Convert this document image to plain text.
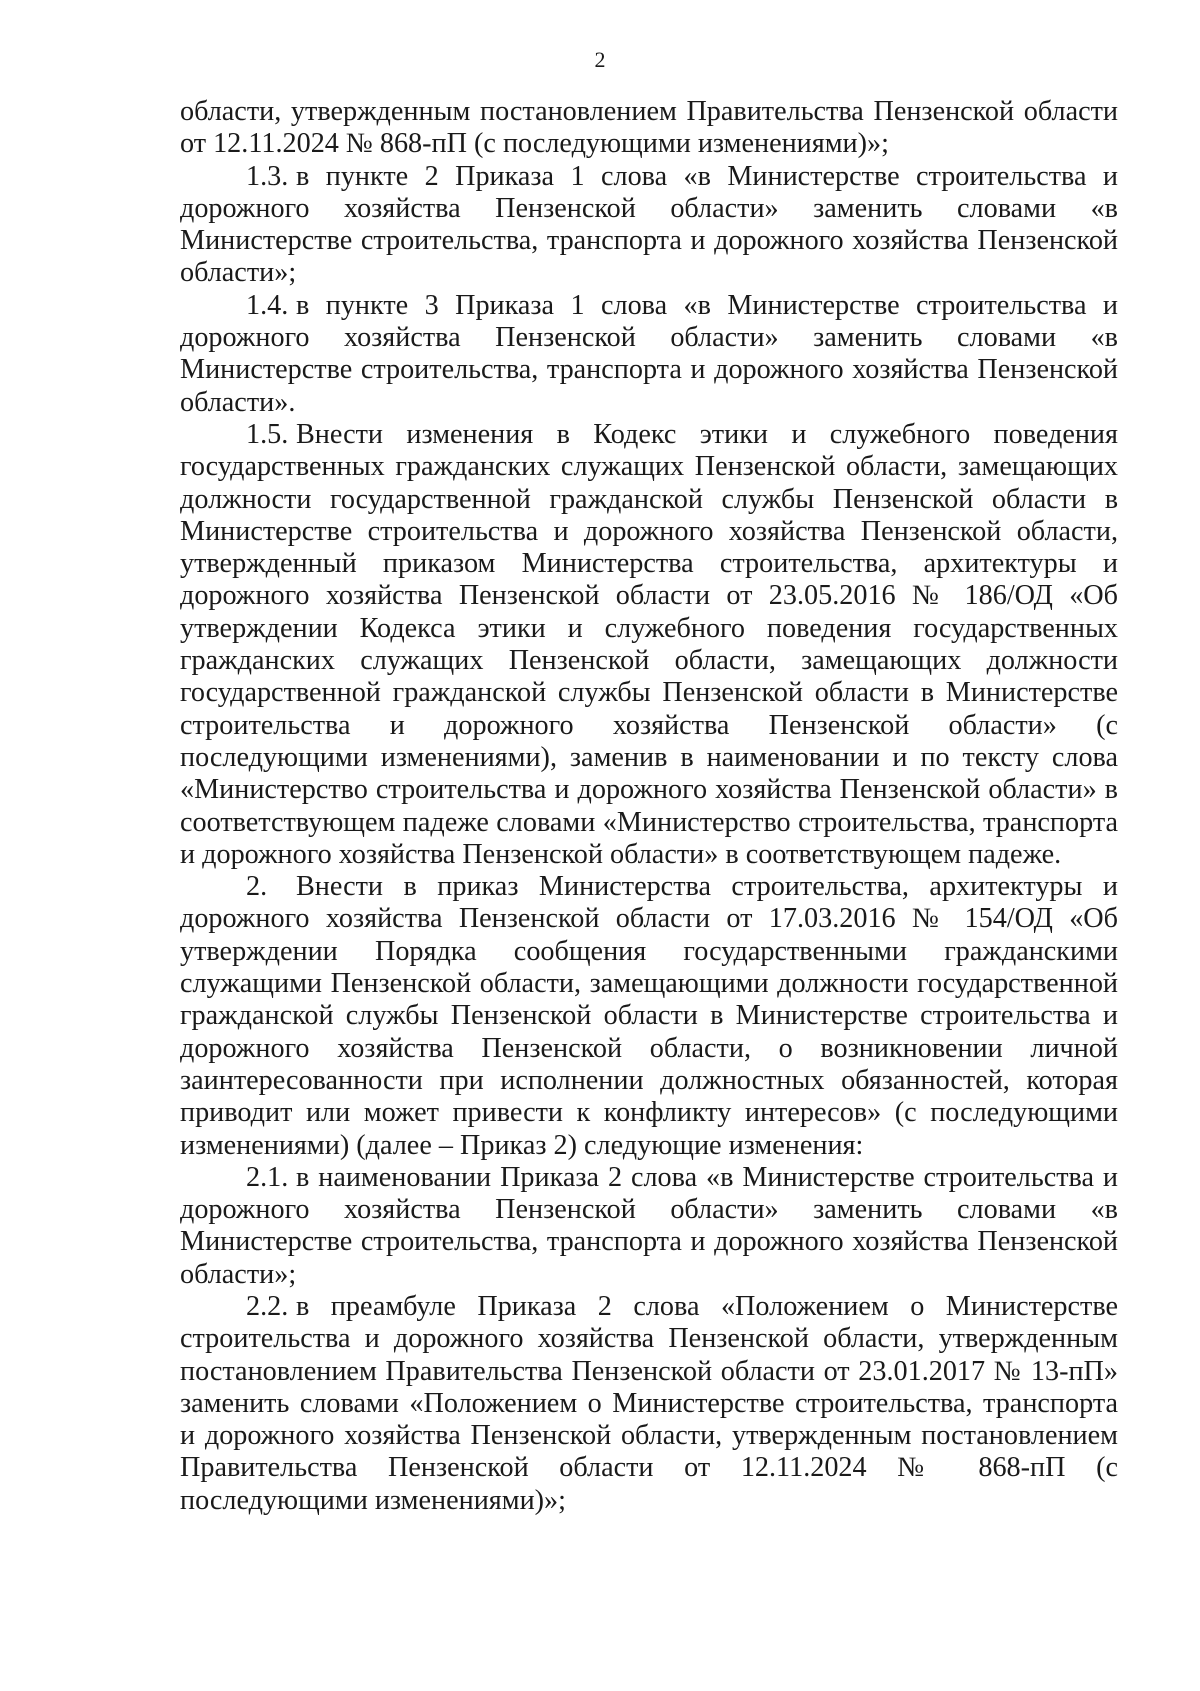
2

области, утвержденным постановлением Правительства Пензенской области от 12.11.2024 № 868-пП (с последующими изменениями)»;

1.3. в пункте 2 Приказа 1 слова «в Министерстве строительства и дорожного хозяйства Пензенской области» заменить словами «в Министерстве строительства, транспорта и дорожного хозяйства Пензенской области»;

1.4. в пункте 3 Приказа 1 слова «в Министерстве строительства и дорожного хозяйства Пензенской области» заменить словами «в Министерстве строительства, транспорта и дорожного хозяйства Пензенской области».

1.5. Внести изменения в Кодекс этики и служебного поведения государственных гражданских служащих Пензенской области, замещающих должности государственной гражданской службы Пензенской области в Министерстве строительства и дорожного хозяйства Пензенской области, утвержденный приказом Министерства строительства, архитектуры и дорожного хозяйства Пензенской области от 23.05.2016 № 186/ОД «Об утверждении Кодекса этики и служебного поведения государственных гражданских служащих Пензенской области, замещающих должности государственной гражданской службы Пензенской области в Министерстве строительства и дорожного хозяйства Пензенской области» (с последующими изменениями), заменив в наименовании и по тексту слова «Министерство строительства и дорожного хозяйства Пензенской области» в соответствующем падеже словами «Министерство строительства, транспорта и дорожного хозяйства Пензенской области» в соответствующем падеже.

2. Внести в приказ Министерства строительства, архитектуры и дорожного хозяйства Пензенской области от 17.03.2016 № 154/ОД «Об утверждении Порядка сообщения государственными гражданскими служащими Пензенской области, замещающими должности государственной гражданской службы Пензенской области в Министерстве строительства и дорожного хозяйства Пензенской области, о возникновении личной заинтересованности при исполнении должностных обязанностей, которая приводит или может привести к конфликту интересов» (с последующими изменениями) (далее – Приказ 2) следующие изменения:

2.1. в наименовании Приказа 2 слова «в Министерстве строительства и дорожного хозяйства Пензенской области» заменить словами «в Министерстве строительства, транспорта и дорожного хозяйства Пензенской области»;

2.2. в преамбуле Приказа 2 слова «Положением о Министерстве строительства и дорожного хозяйства Пензенской области, утвержденным постановлением Правительства Пензенской области от 23.01.2017 № 13-пП» заменить словами «Положением о Министерстве строительства, транспорта и дорожного хозяйства Пензенской области, утвержденным постановлением Правительства Пензенской области от 12.11.2024 № 868-пП (с последующими изменениями)»;
